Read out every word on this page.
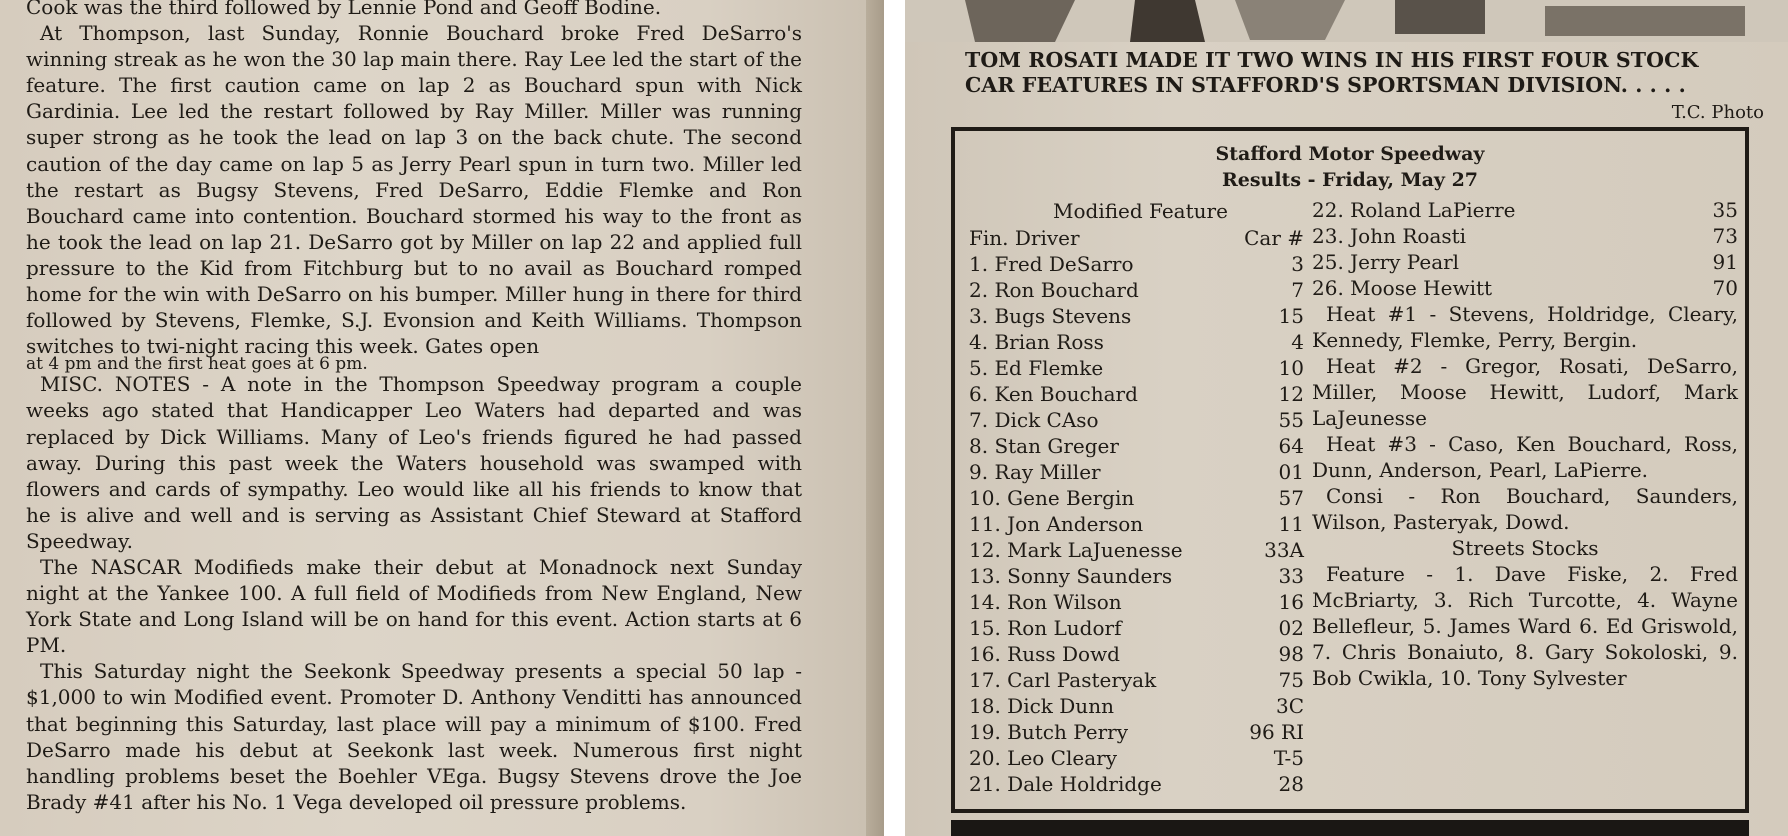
Cook was the third followed by Lennie Pond and Geoff Bodine.

At Thompson, last Sunday, Ronnie Bouchard broke Fred DeSarro's winning streak as he won the 30 lap main there. Ray Lee led the start of the feature. The first caution came on lap 2 as Bouchard spun with Nick Gardinia. Lee led the restart followed by Ray Miller. Miller was running super strong as he took the lead on lap 3 on the back chute. The second caution of the day came on lap 5 as Jerry Pearl spun in turn two. Miller led the restart as Bugsy Stevens, Fred DeSarro, Eddie Flemke and Ron Bouchard came into contention. Bouchard stormed his way to the front as he took the lead on lap 21. DeSarro got by Miller on lap 22 and applied full pressure to the Kid from Fitchburg but to no avail as Bouchard romped home for the win with DeSarro on his bumper. Miller hung in there for third followed by Stevens, Flemke, S.J. Evonsion and Keith Williams. Thompson switches to twi-night racing this week. Gates open

at 4 pm and the first heat goes at 6 pm.

MISC. NOTES - A note in the Thompson Speedway program a couple weeks ago stated that Handicapper Leo Waters had departed and was replaced by Dick Williams. Many of Leo's friends figured he had passed away. During this past week the Waters household was swamped with flowers and cards of sympathy. Leo would like all his friends to know that he is alive and well and is serving as Assistant Chief Steward at Stafford Speedway.

The NASCAR Modifieds make their debut at Monadnock next Sunday night at the Yankee 100. A full field of Modifieds from New England, New York State and Long Island will be on hand for this event. Action starts at 6 PM.

This Saturday night the Seekonk Speedway presents a special 50 lap - $1,000 to win Modified event. Promoter D. Anthony Venditti has announced that beginning this Saturday, last place will pay a minimum of $100. Fred DeSarro made his debut at Seekonk last week. Numerous first night handling problems beset the Boehler VEga. Bugsy Stevens drove the Joe Brady #41 after his No. 1 Vega developed oil pressure problems.

TOM ROSATI MADE IT TWO WINS IN HIS FIRST FOUR STOCK CAR FEATURES IN STAFFORD'S SPORTSMAN DIVISION. . . . .
T.C. Photo
Stafford Motor Speedway
Results - Friday, May 27
Modified Feature
Fin. Driver	Car #
1. Fred DeSarro	3
2. Ron Bouchard	7
3. Bugs Stevens	15
4. Brian Ross	4
5. Ed Flemke	10
6. Ken Bouchard	12
7. Dick CAso	55
8. Stan Greger	64
9. Ray Miller	01
10. Gene Bergin	57
11. Jon Anderson	11
12. Mark LaJuenesse	33A
13. Sonny Saunders	33
14. Ron Wilson	16
15. Ron Ludorf	02
16. Russ Dowd	98
17. Carl Pasteryak	75
18. Dick Dunn	3C
19. Butch Perry	96 RI
20. Leo Cleary	T-5
21. Dale Holdridge	28
22. Roland LaPierre	35
23. John Roasti	73
25. Jerry Pearl	91
26. Moose Hewitt	70

Heat #1 - Stevens, Holdridge, Cleary, Kennedy, Flemke, Perry, Bergin.

Heat #2 - Gregor, Rosati, DeSarro, Miller, Moose Hewitt, Ludorf, Mark LaJeunesse

Heat #3 - Caso, Ken Bouchard, Ross, Dunn, Anderson, Pearl, LaPierre.

Consi - Ron Bouchard, Saunders, Wilson, Pasteryak, Dowd.

Streets Stocks

Feature - 1. Dave Fiske, 2. Fred McBriarty, 3. Rich Turcotte, 4. Wayne Bellefleur, 5. James Ward 6. Ed Griswold, 7. Chris Bonaiuto, 8. Gary Sokoloski, 9. Bob Cwikla, 10. Tony Sylvester
